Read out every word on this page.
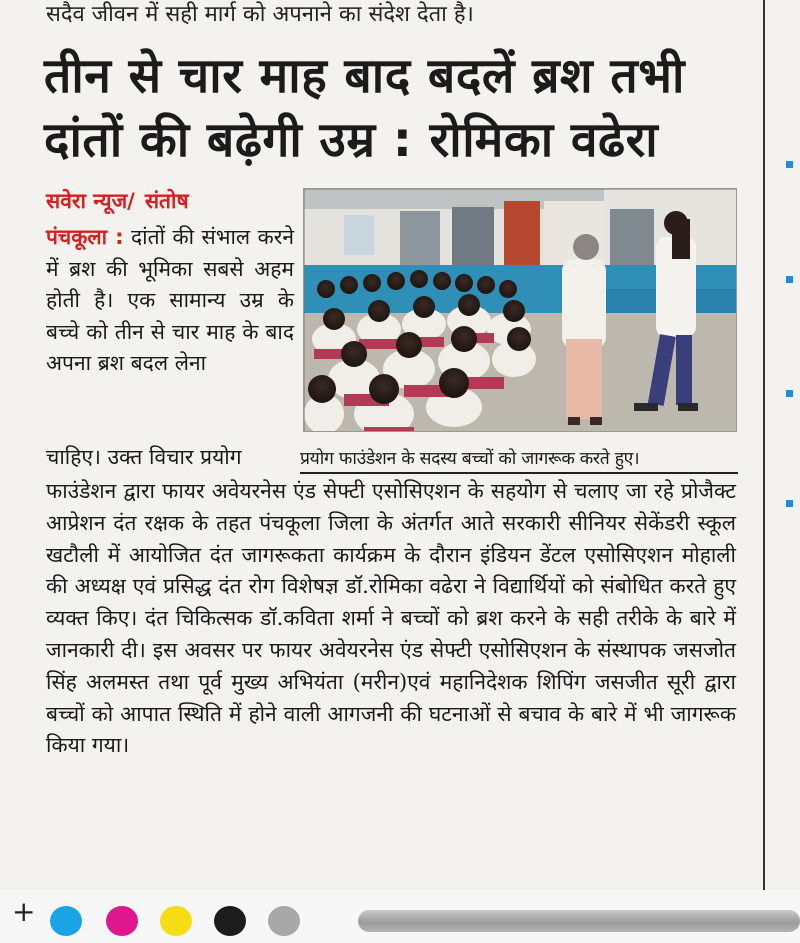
सदैव जीवन में सही मार्ग को अपनाने का संदेश देता है।
तीन से चार माह बाद बदलें ब्रश तभी
दांतों की बढ़ेगी उम्र : रोमिका वढेरा
सवेरा न्यूज/ संतोष
पंचकूला : दांतों की संभाल करने में ब्रश की भूमिका सबसे अहम होती है। एक सामान्य उम्र के बच्चे को तीन से चार माह के बाद अपना ब्रश बदल लेना
चाहिए। उक्त विचार प्रयोग	प्रयोग फाउंडेशन के सदस्य बच्चों को जागरूक करते हुए।
फाउंडेशन द्वारा फायर अवेयरनेस एंड सेफ्टी एसोसिएशन के सहयोग से चलाए जा रहे प्रोजैक्ट आप्रेशन दंत रक्षक के तहत पंचकूला जिला के अंतर्गत आते सरकारी सीनियर सेकेंडरी स्कूल खटौली में आयोजित दंत जागरूकता कार्यक्रम के दौरान इंडियन डेंटल एसोसिएशन मोहाली की अध्यक्ष एवं प्रसिद्ध दंत रोग विशेषज्ञ डॉ.रोमिका वढेरा ने विद्यार्थियों को संबोधित करते हुए व्यक्त किए। दंत चिकित्सक डॉ.कविता शर्मा ने बच्चों को ब्रश करने के सही तरीके के बारे में जानकारी दी। इस अवसर पर फायर अवेयरनेस एंड सेफ्टी एसोसिएशन के संस्थापक जसजोत सिंह अलमस्त तथा पूर्व मुख्य अभियंता (मरीन)एवं महानिदेशक शिपिंग जसजीत सूरी द्वारा बच्चों को आपात स्थिति में होने वाली आगजनी की घटनाओं से बचाव के बारे में भी जागरूक किया गया।
+
